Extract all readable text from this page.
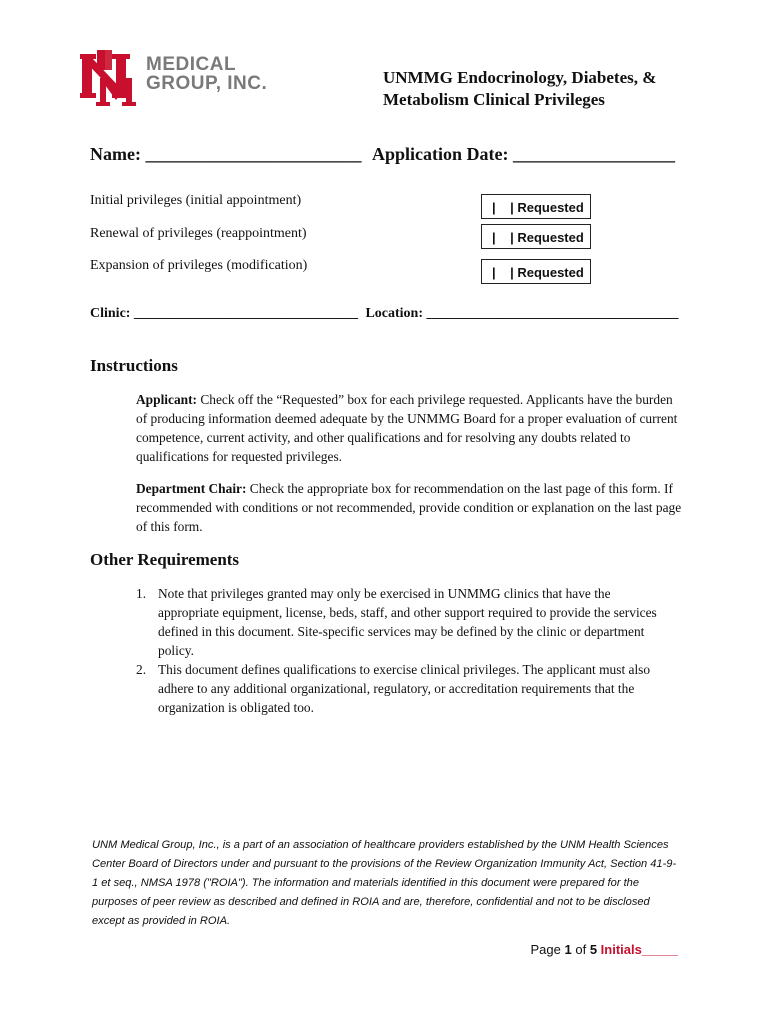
MEDICAL
GROUP, INC.	UNMMG Endocrinology, Diabetes, &
Metabolism Clinical Privileges
Name: ________________________ Application Date: __________________
Initial privileges (initial appointment)	|    | Requested
Renewal of privileges (reappointment)	|    | Requested
Expansion of privileges (modification)	|    | Requested
Clinic: ________________________________ Location: ____________________________________
Instructions
Applicant: Check off the “Requested” box for each privilege requested. Applicants have the burden of producing information deemed adequate by the UNMMG Board for a proper evaluation of current competence, current activity, and other qualifications and for resolving any doubts related to qualifications for requested privileges.
Department Chair: Check the appropriate box for recommendation on the last page of this form. If recommended with conditions or not recommended, provide condition or explanation on the last page of this form.
Other Requirements
1. Note that privileges granted may only be exercised in UNMMG clinics that have the appropriate equipment, license, beds, staff, and other support required to provide the services defined in this document. Site-specific services may be defined by the clinic or department policy.
2. This document defines qualifications to exercise clinical privileges. The applicant must also adhere to any additional organizational, regulatory, or accreditation requirements that the organization is obligated too.
UNM Medical Group, Inc., is a part of an association of healthcare providers established by the UNM Health Sciences Center Board of Directors under and pursuant to the provisions of the Review Organization Immunity Act, Section 41-9-1 et seq., NMSA 1978 ("ROIA"). The information and materials identified in this document were prepared for the purposes of peer review as described and defined in ROIA and are, therefore, confidential and not to be disclosed except as provided in ROIA.
Page 1 of 5 Initials_____
